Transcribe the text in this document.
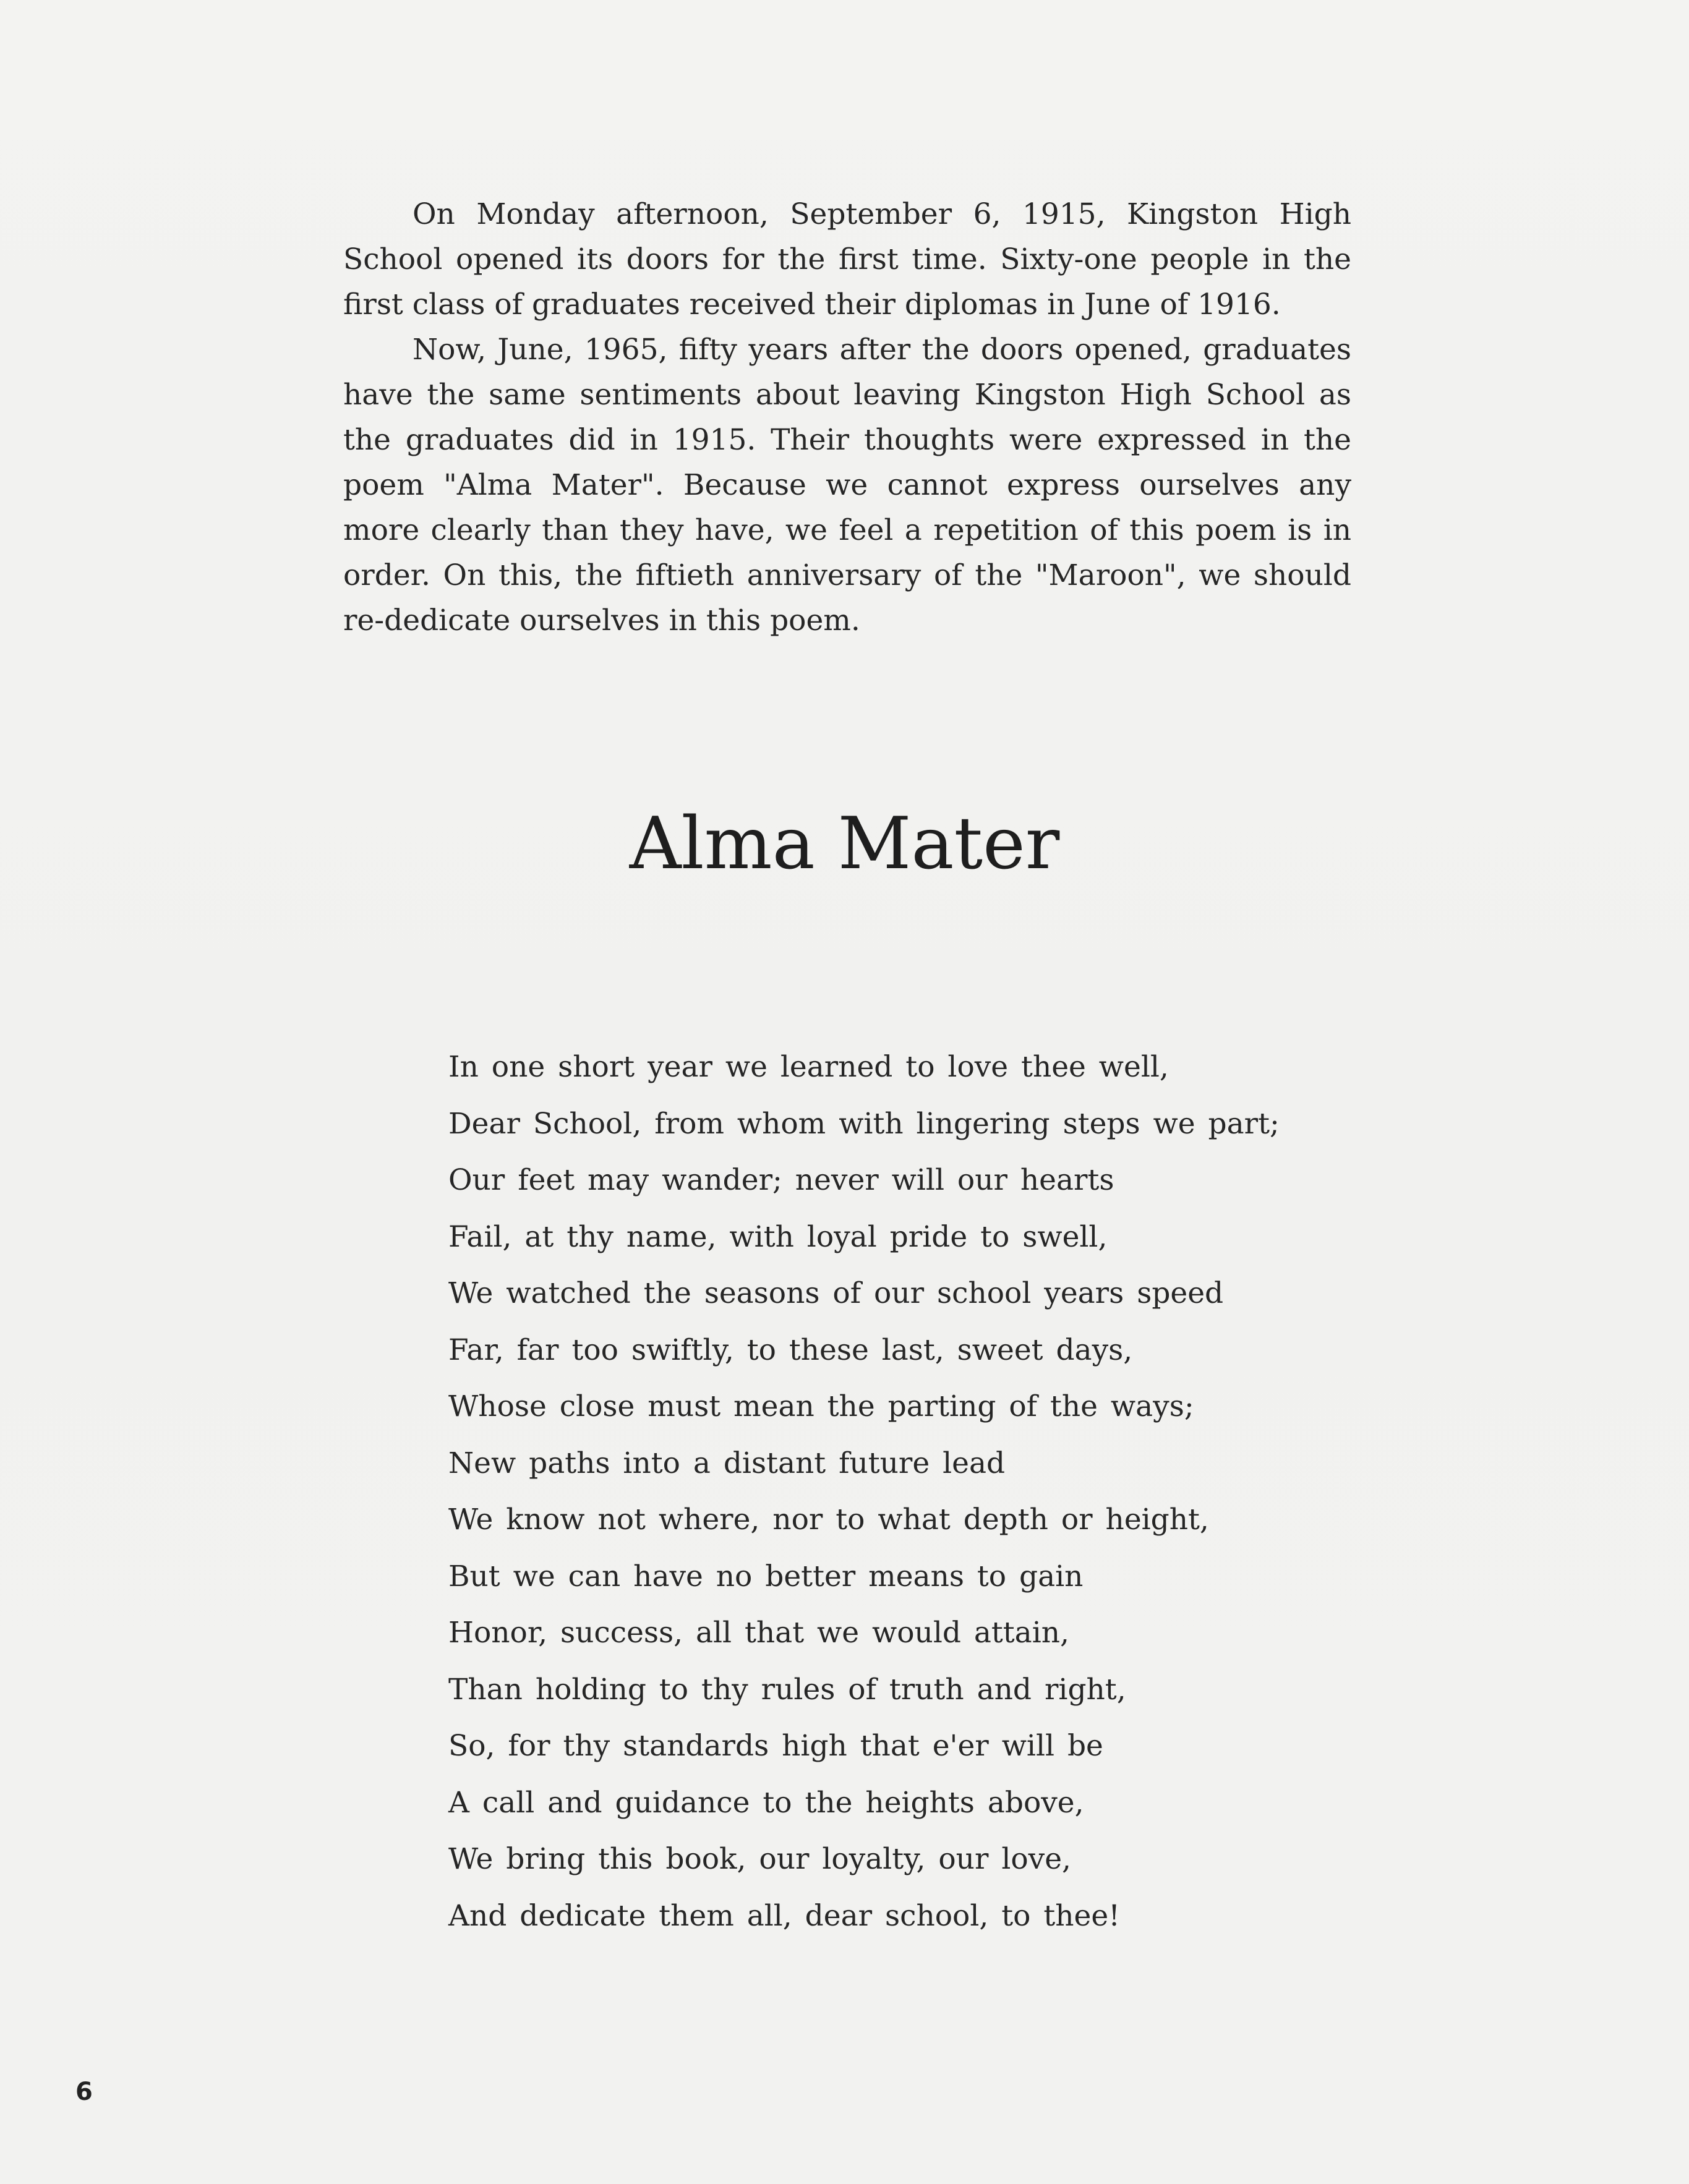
On Monday afternoon, September 6, 1915, Kingston High School opened its doors for the first time. Sixty-one people in the first class of graduates received their diplomas in June of 1916.

Now, June, 1965, fifty years after the doors opened, graduates have the same sentiments about leaving Kingston High School as the graduates did in 1915. Their thoughts were expressed in the poem "Alma Mater". Because we cannot express ourselves any more clearly than they have, we feel a repetition of this poem is in order. On this, the fiftieth anniversary of the "Maroon", we should re-dedicate ourselves in this poem.

Alma Mater
In one short year we learned to love thee well,
Dear School, from whom with lingering steps we part;
Our feet may wander; never will our hearts
Fail, at thy name, with loyal pride to swell,
We watched the seasons of our school years speed
Far, far too swiftly, to these last, sweet days,
Whose close must mean the parting of the ways;
New paths into a distant future lead
We know not where, nor to what depth or height,
But we can have no better means to gain
Honor, success, all that we would attain,
Than holding to thy rules of truth and right,
So, for thy standards high that e'er will be
A call and guidance to the heights above,
We bring this book, our loyalty, our love,
And dedicate them all, dear school, to thee!
6
